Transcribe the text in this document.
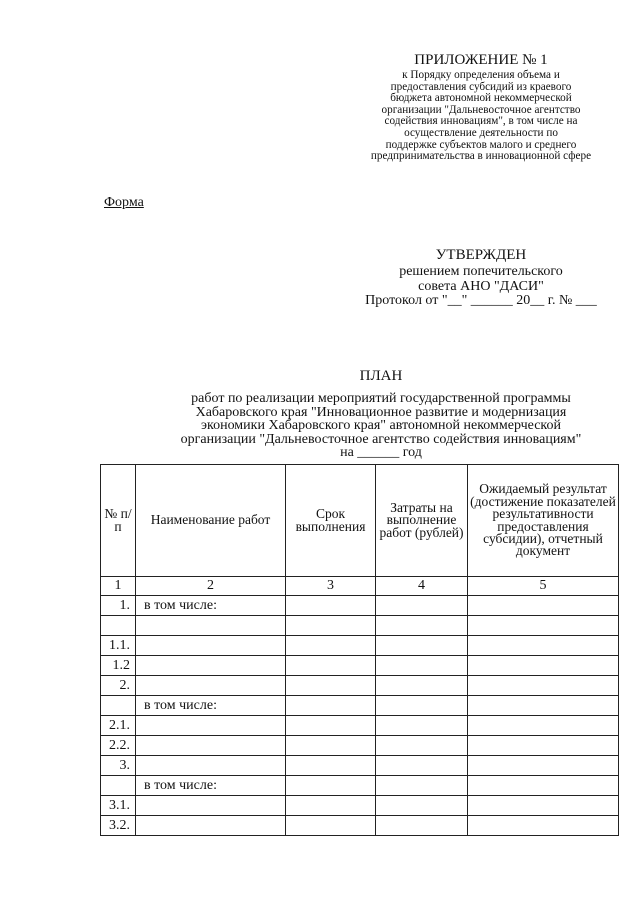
ПРИЛОЖЕНИЕ № 1
к Порядку определения объема и
предоставления субсидий из краевого
бюджета автономной некоммерческой
организации "Дальневосточное агентство
содействия инновациям", в том числе на
осуществление деятельности по
поддержке субъектов малого и среднего
предпринимательства в инновационной сфере
Форма
УТВЕРЖДЕН
решением попечительского
совета АНО "ДАСИ"
Протокол от "__" ______ 20__ г. № ___
ПЛАН
работ по реализации мероприятий государственной программы
Хабаровского края "Инновационное развитие и модернизация
экономики Хабаровского края" автономной некоммерческой
организации "Дальневосточное агентство содействия инновациям"
на ______ год
№ п/п	Наименование работ	Срок выполнения	Затраты на выполнение работ (рублей)	Ожидаемый результат (достижение показателей результативности предоставления субсидии), отчетный документ
1	2	3	4	5
1.	в том числе:			

1.1.				
1.2				
2.				
	в том числе:			
2.1.				
2.2.				
3.				
	в том числе:			
3.1.				
3.2.				
